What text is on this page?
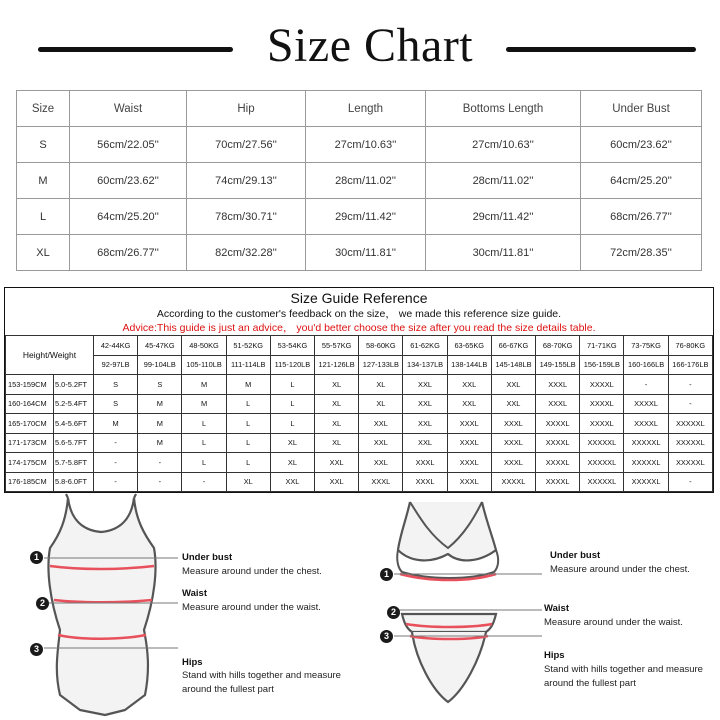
Size Chart
Size	Waist	Hip	Length	Bottoms Length	Under Bust
S	56cm/22.05''	70cm/27.56''	27cm/10.63''	27cm/10.63''	60cm/23.62''
M	60cm/23.62''	74cm/29.13''	28cm/11.02''	28cm/11.02''	64cm/25.20''
L	64cm/25.20''	78cm/30.71''	29cm/11.42''	29cm/11.42''	68cm/26.77''
XL	68cm/26.77''	82cm/32.28''	30cm/11.81''	30cm/11.81''	72cm/28.35''
Size Guide Reference
According to the customer's feedback on the size， we made this reference size guide.
Advice:This guide is just an advice， you'd better choose the size after you read the size details table.
Height/Weight		42-44KG	45-47KG	48-50KG	51-52KG	53-54KG	55-57KG	58-60KG	61-62KG	63-65KG	66-67KG	68-70KG	71-71KG	73-75KG	76-80KG
		92-97LB	99-104LB	105-110LB	111-114LB	115-120LB	121-126LB	127-133LB	134-137LB	138-144LB	145-148LB	149-155LB	156-159LB	160-166LB	166-176LB
153-159CM	5.0-5.2FT	S	S	M	M	L	XL	XL	XXL	XXL	XXL	XXXL	XXXXL	-	-
160-164CM	5.2-5.4FT	S	M	M	L	L	XL	XL	XXL	XXL	XXL	XXXL	XXXXL	XXXXL	-
165-170CM	5.4-5.6FT	M	M	L	L	L	XL	XXL	XXL	XXXL	XXXL	XXXXL	XXXXL	XXXXL	XXXXXL
171-173CM	5.6-5.7FT	-	M	L	L	XL	XL	XXL	XXL	XXXL	XXXL	XXXXL	XXXXXL	XXXXXL	XXXXXL
174-175CM	5.7-5.8FT	-	-	L	L	XL	XXL	XXL	XXXL	XXXL	XXXL	XXXXL	XXXXXL	XXXXXL	XXXXXL
176-185CM	5.8-6.0FT	-	-	-	XL	XXL	XXL	XXXL	XXXL	XXXL	XXXXL	XXXXL	XXXXXL	XXXXXL	-
1
2
3
Under bust
Measure around under the chest.
Waist
Measure around under the waist.
Hips
Stand with hills together and measure
around the fullest part
1
2
3
Under bust
Measure around under the chest.
Waist
Measure around under the waist.
Hips
Stand with hills together and measure
around the fullest part
